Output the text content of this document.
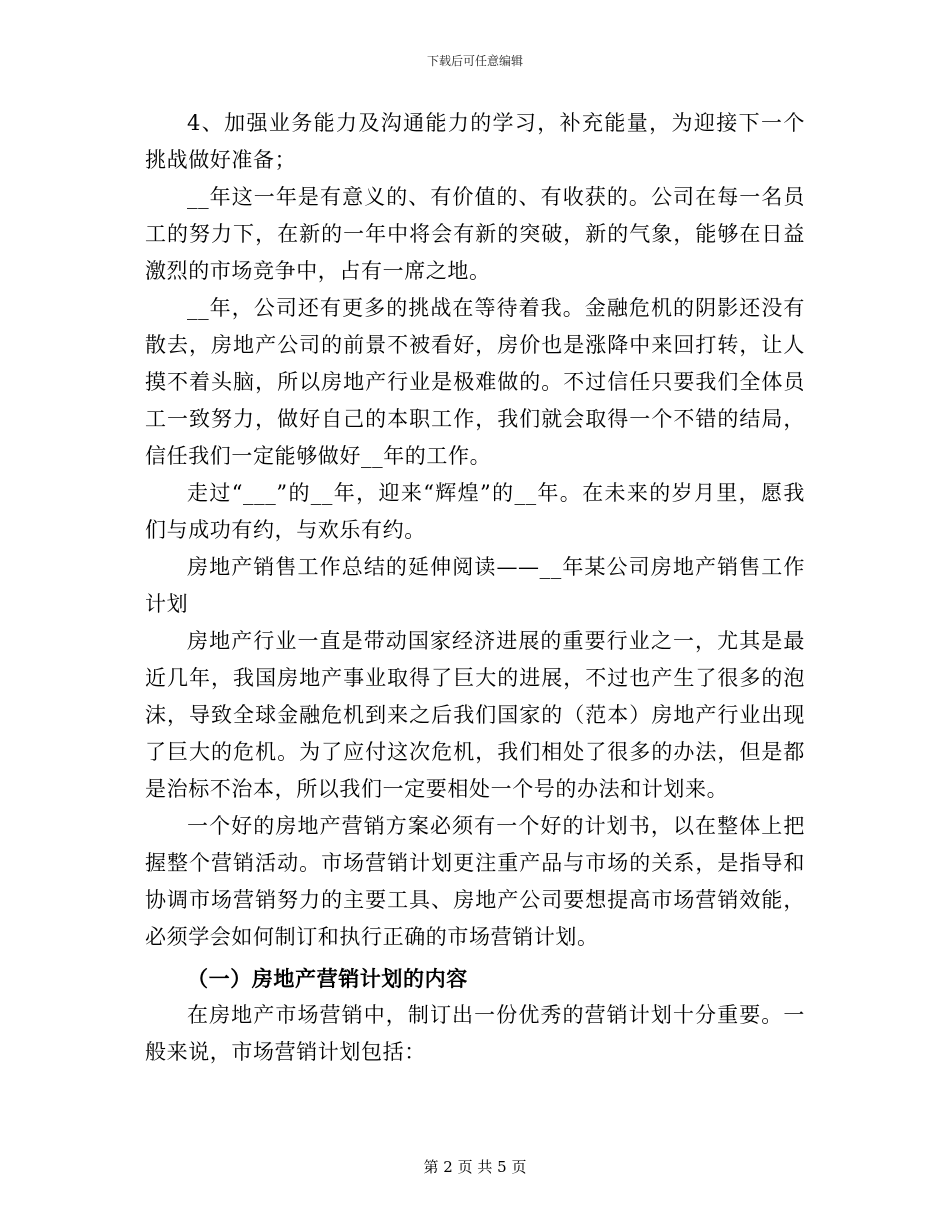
下载后可任意编辑

4、加强业务能力及沟通能力的学习，补充能量，为迎接下一个挑战做好准备；

__年这一年是有意义的、有价值的、有收获的。公司在每一名员工的努力下，在新的一年中将会有新的突破，新的气象，能够在日益激烈的市场竞争中，占有一席之地。

__年，公司还有更多的挑战在等待着我。金融危机的阴影还没有散去，房地产公司的前景不被看好，房价也是涨降中来回打转，让人摸不着头脑，所以房地产行业是极难做的。不过信任只要我们全体员工一致努力，做好自己的本职工作，我们就会取得一个不错的结局，信任我们一定能够做好__年的工作。

走过“___”的__年，迎来“辉煌”的__年。在未来的岁月里，愿我们与成功有约，与欢乐有约。

房地产销售工作总结的延伸阅读——__年某公司房地产销售工作计划

房地产行业一直是带动国家经济进展的重要行业之一，尤其是最近几年，我国房地产事业取得了巨大的进展，不过也产生了很多的泡沫，导致全球金融危机到来之后我们国家的（范本）房地产行业出现了巨大的危机。为了应付这次危机，我们相处了很多的办法，但是都是治标不治本，所以我们一定要相处一个号的办法和计划来。

一个好的房地产营销方案必须有一个好的计划书，以在整体上把握整个营销活动。市场营销计划更注重产品与市场的关系，是指导和协调市场营销努力的主要工具、房地产公司要想提高市场营销效能，必须学会如何制订和执行正确的市场营销计划。

（一）房地产营销计划的内容

在房地产市场营销中，制订出一份优秀的营销计划十分重要。一般来说，市场营销计划包括：

第 2 页 共 5 页
